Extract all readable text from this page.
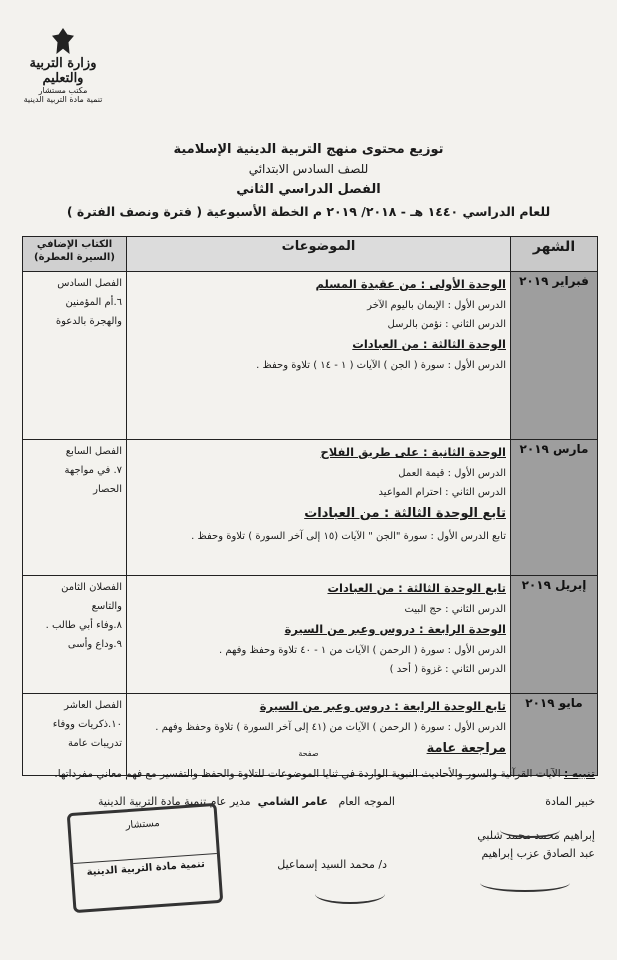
وزارة التربية والتعليم
مكتب مستشار
تنمية مادة التربية الدينية
توزيع محتوى منهج التربية الدينية الإسلامية
للصف السادس الابتدائي
الفصل الدراسي الثاني
للعام الدراسي ١٤٤٠ هـ - ٢٠١٨/ ٢٠١٩ م الخطة الأسبوعية ( فترة ونصف الفترة )
الشهر	الموضوعات	الكتاب الإضافي
(السيرة العطرة)

فبراير ٢٠١٩	الوحدة الأولى : من عقيدة المسلم
الدرس الأول : الإيمان باليوم الآخر
الدرس الثاني : نؤمن بالرسل
الوحدة الثالثة : من العبادات
الدرس الأول : سورة ( الجن ) الآيات ( ١ - ١٤ ) تلاوة وحفظ .	الفصل السادس
٦.أم المؤمنين
والهجرة بالدعوة

مارس ٢٠١٩	الوحدة الثانية : على طريق الفلاح
الدرس الأول : قيمة العمل
الدرس الثاني : احترام المواعيد
تابع الوحدة الثالثة : من العبادات
تابع الدرس الأول : سورة "الجن " الآيات (١٥ إلى آخر السورة ) تلاوة وحفظ .	الفصل السابع
٧. في مواجهة
الحصار

إبريل ٢٠١٩	تابع الوحدة الثالثة : من العبادات
الدرس الثاني : حج البيت
الوحدة الرابعة : دروس وعبر من السيرة
الدرس الأول : سورة ( الرحمن ) الآيات من ١ - ٤٠ تلاوة وحفظ وفهم .
الدرس الثاني : غزوة ( أحد )	الفصلان الثامن
والتاسع
٨.وفاء أبي طالب .
٩.وداع وأسى

مايو ٢٠١٩	تابع الوحدة الرابعة : دروس وعبر من السيرة
الدرس الأول : سورة ( الرحمن ) الآيات من (٤١ إلى آخر السورة ) تلاوة وحفظ وفهم .
مراجعة عامة	الفصل العاشر
١٠.ذكريات ووفاء
تدريبات عامة
صفحة
تنبيه : الآيات القرآنية والسور والأحاديث النبوية الواردة في ثنايا الموضوعات للتلاوة والحفظ والتفسير مع فهم معاني مفرداتها.
خبير المادة
الموجه العام   عامر الشامي  مدير عام تنمية مادة التربية الدينية
إبراهيم محمد محمد شلبي
عبد الصادق عزب إبراهيم
د/ محمد السيد إسماعيل
مستشار
تنمية مادة التربية الدينية
